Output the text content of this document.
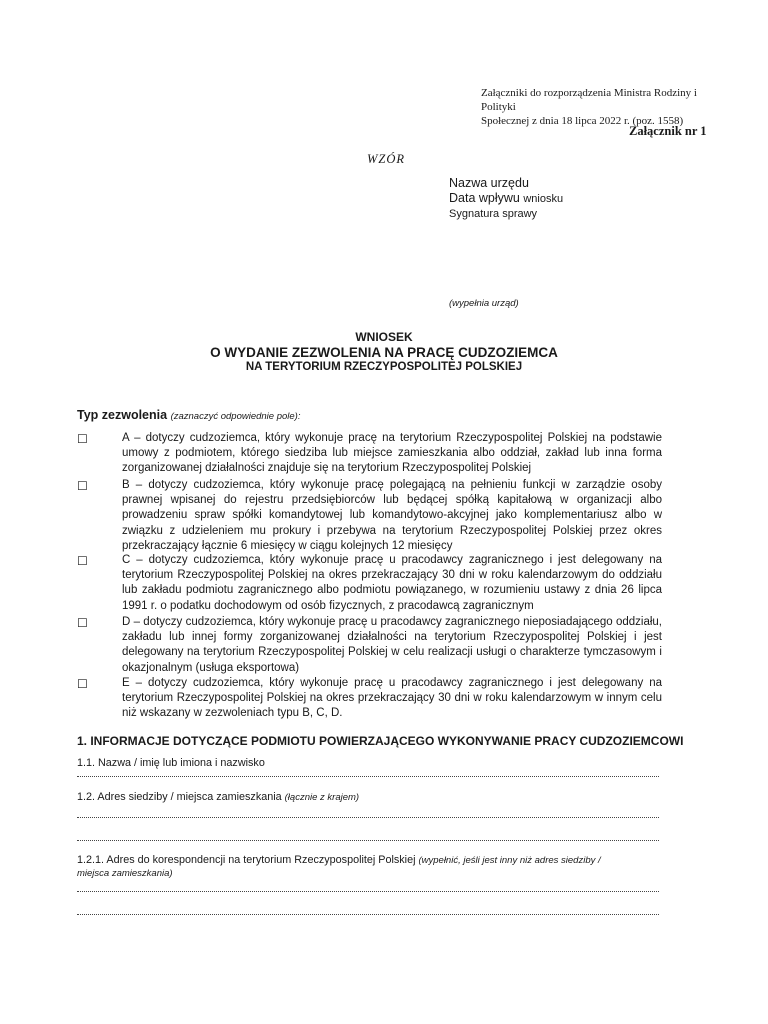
Załączniki do rozporządzenia Ministra Rodziny i Polityki
Społecznej z dnia 18 lipca 2022 r. (poz. 1558)
Załącznik nr 1
WZÓR
Nazwa urzędu
Data wpływu wniosku
Sygnatura sprawy
(wypełnia urząd)
WNIOSEK
O WYDANIE ZEZWOLENIA NA PRACĘ CUDZOZIEMCA
NA TERYTORIUM RZECZYPOSPOLITEJ POLSKIEJ
Typ zezwolenia (zaznaczyć odpowiednie pole):
☐	A – dotyczy cudzoziemca, który wykonuje pracę na terytorium Rzeczypospolitej Polskiej na podstawie umowy z podmiotem, którego siedziba lub miejsce zamieszkania albo oddział, zakład lub inna forma zorganizowanej działalności znajduje się na terytorium Rzeczypospolitej Polskiej
☐	B – dotyczy cudzoziemca, który wykonuje pracę polegającą na pełnieniu funkcji w zarządzie osoby prawnej wpisanej do rejestru przedsiębiorców lub będącej spółką kapitałową w organizacji albo prowadzeniu spraw spółki komandytowej lub komandytowo-akcyjnej jako komplementariusz albo w związku z udzieleniem mu prokury i przebywa na terytorium Rzeczypospolitej Polskiej przez okres przekraczający łącznie 6 miesięcy w ciągu kolejnych 12 miesięcy
☐	C – dotyczy cudzoziemca, który wykonuje pracę u pracodawcy zagranicznego i jest delegowany na terytorium Rzeczypospolitej Polskiej na okres przekraczający 30 dni w roku kalendarzowym do oddziału lub zakładu podmiotu zagranicznego albo podmiotu powiązanego, w rozumieniu ustawy z dnia 26 lipca 1991 r. o podatku dochodowym od osób fizycznych, z pracodawcą zagranicznym
☐	D – dotyczy cudzoziemca, który wykonuje pracę u pracodawcy zagranicznego nieposiadającego oddziału, zakładu lub innej formy zorganizowanej działalności na terytorium Rzeczypospolitej Polskiej i jest delegowany na terytorium Rzeczypospolitej Polskiej w celu realizacji usługi o charakterze tymczasowym i okazjonalnym (usługa eksportowa)
☐	E – dotyczy cudzoziemca, który wykonuje pracę u pracodawcy zagranicznego i jest delegowany na terytorium Rzeczypospolitej Polskiej na okres przekraczający 30 dni w roku kalendarzowym w innym celu niż wskazany w zezwoleniach typu B, C, D.
1. INFORMACJE DOTYCZĄCE PODMIOTU POWIERZAJĄCEGO WYKONYWANIE PRACY CUDZOZIEMCOWI
1.1. Nazwa / imię lub imiona i nazwisko
1.2. Adres siedziby / miejsca zamieszkania (łącznie z krajem)
1.2.1. Adres do korespondencji na terytorium Rzeczypospolitej Polskiej (wypełnić, jeśli jest inny niż adres siedziby /
miejsca zamieszkania)
